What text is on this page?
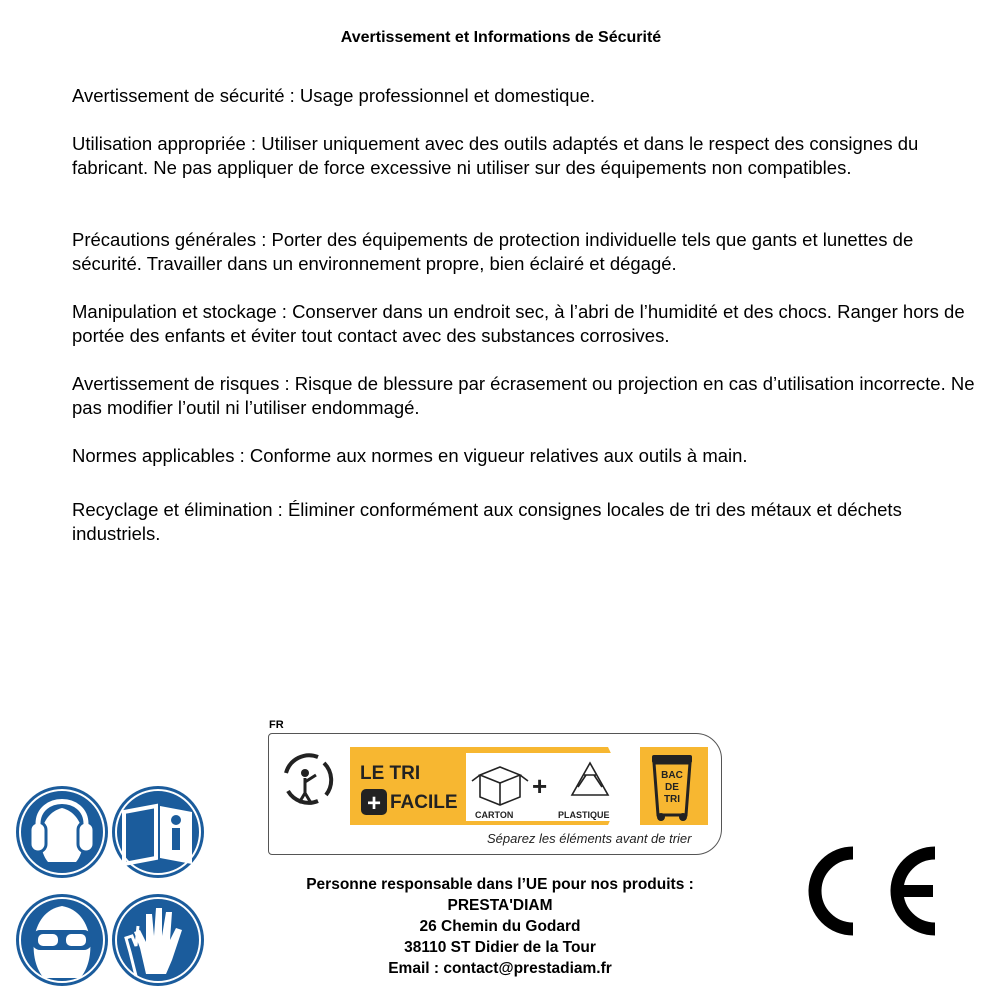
Avertissement et Informations de Sécurité
Avertissement de sécurité : Usage professionnel et domestique.
Utilisation appropriée : Utiliser uniquement avec des outils adaptés et dans le respect des consignes du fabricant. Ne pas appliquer de force excessive ni utiliser sur des équipements non compatibles.
Précautions générales : Porter des équipements de protection individuelle tels que gants et lunettes de sécurité. Travailler dans un environnement propre, bien éclairé et dégagé.
Manipulation et stockage : Conserver dans un endroit sec, à l’abri de l’humidité et des chocs. Ranger hors de portée des enfants et éviter tout contact avec des substances corrosives.
Avertissement de risques : Risque de blessure par écrasement ou projection en cas d’utilisation incorrecte. Ne pas modifier l’outil ni l’utiliser endommagé.
Normes applicables : Conforme aux normes en vigueur relatives aux outils à main.
Recyclage et élimination : Éliminer conformément aux consignes locales de tri des métaux et déchets industriels.
FR
LE TRI
+ FACILE
CARTON
+
PLASTIQUE
BAC
DE
TRI
Séparez les éléments avant de trier
Personne responsable dans l’UE pour nos produits :
PRESTA'DIAM
26 Chemin du Godard
38110 ST Didier de la Tour
Email : contact@prestadiam.fr
